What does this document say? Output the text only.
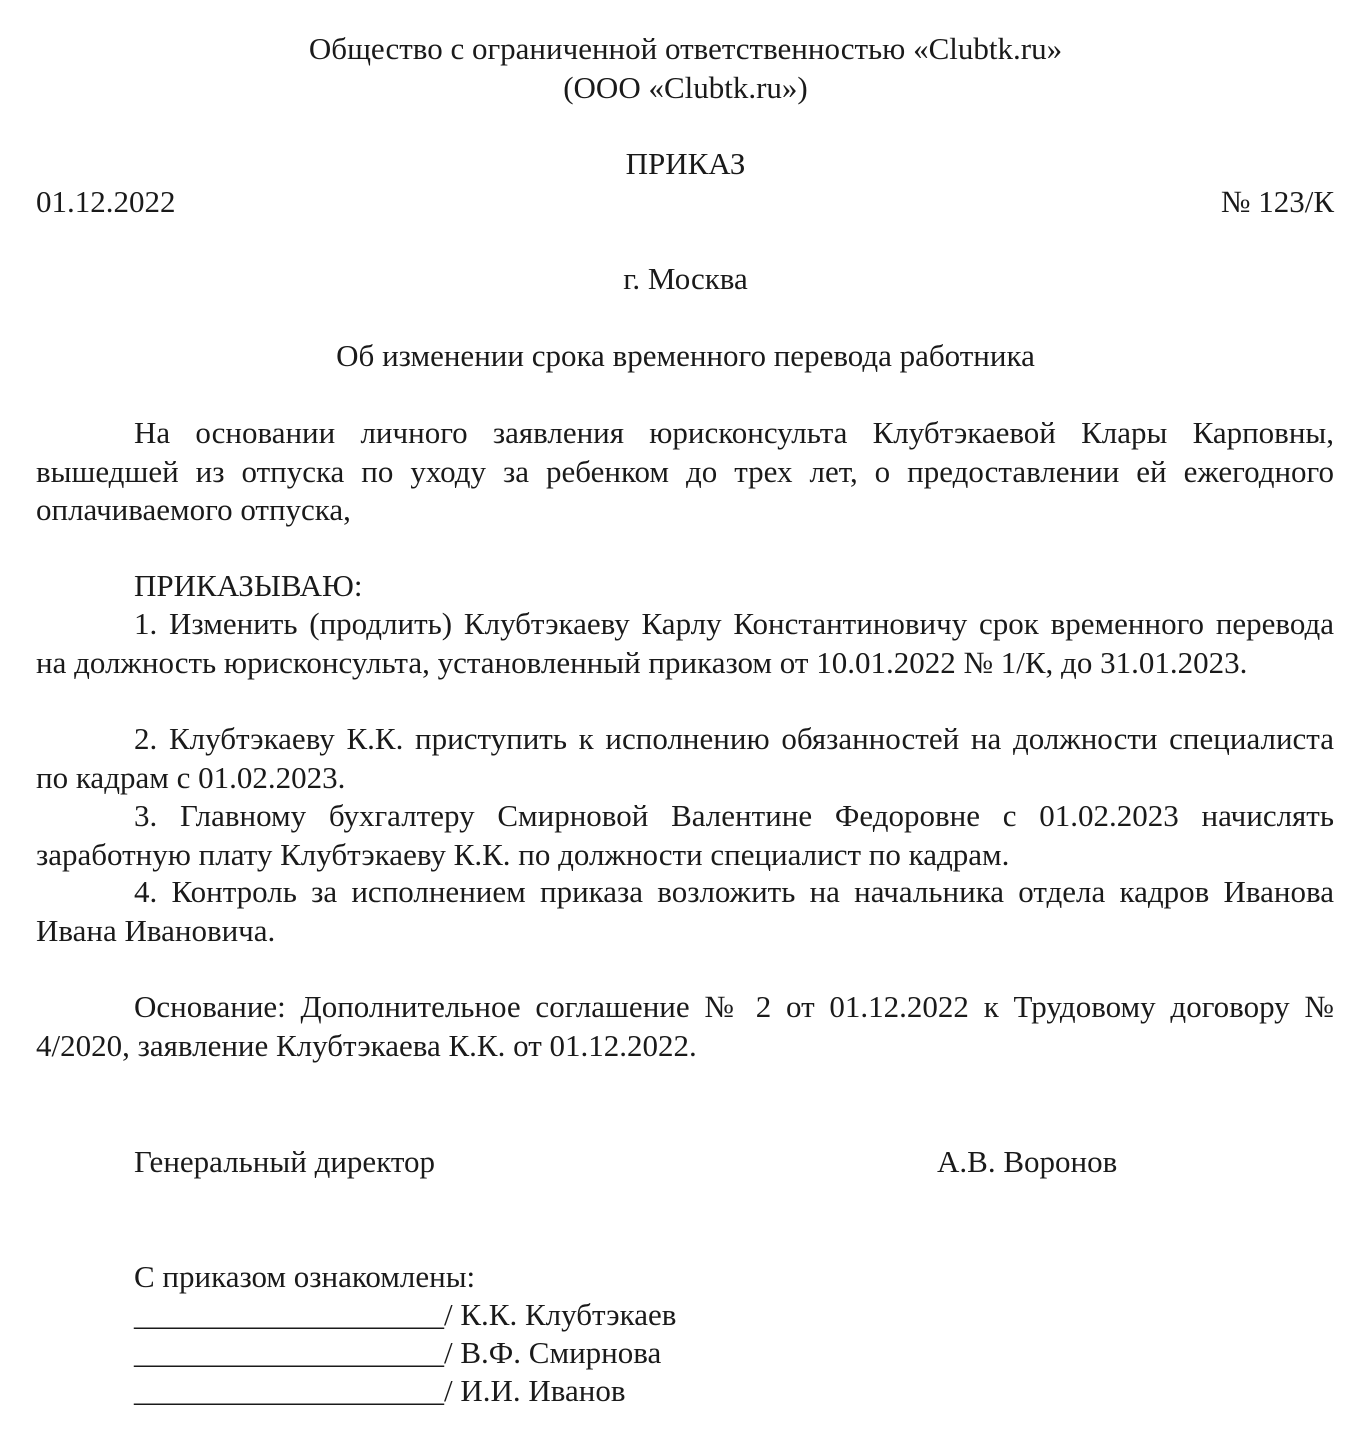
Общество с ограниченной ответственностью «Clubtk.ru»
(ООО «Clubtk.ru»)
ПРИКАЗ
01.12.2022	№ 123/К
г. Москва
Об изменении срока временного перевода работника
На основании личного заявления юрисконсульта Клубтэкаевой Клары Карповны, вышедшей из отпуска по уходу за ребенком до трех лет, о предоставлении ей ежегодного оплачиваемого отпуска,
ПРИКАЗЫВАЮ:
1. Изменить (продлить) Клубтэкаеву Карлу Константиновичу срок временного перевода на должность юрисконсульта, установленный приказом от 10.01.2022 № 1/К, до 31.01.2023.
2. Клубтэкаеву К.К. приступить к исполнению обязанностей на должности специалиста по кадрам с 01.02.2023.
3. Главному бухгалтеру Смирновой Валентине Федоровне с 01.02.2023 начислять заработную плату Клубтэкаеву К.К. по должности специалист по кадрам.
4. Контроль за исполнением приказа возложить на начальника отдела кадров Иванова Ивана Ивановича.
Основание: Дополнительное соглашение № 2 от 01.12.2022 к Трудовому договору № 4/2020, заявление Клубтэкаева К.К. от 01.12.2022.
Генеральный директор	А.В. Воронов
С приказом ознакомлены:
____________________/ К.К. Клубтэкаев
____________________/ В.Ф. Смирнова
____________________/ И.И. Иванов
